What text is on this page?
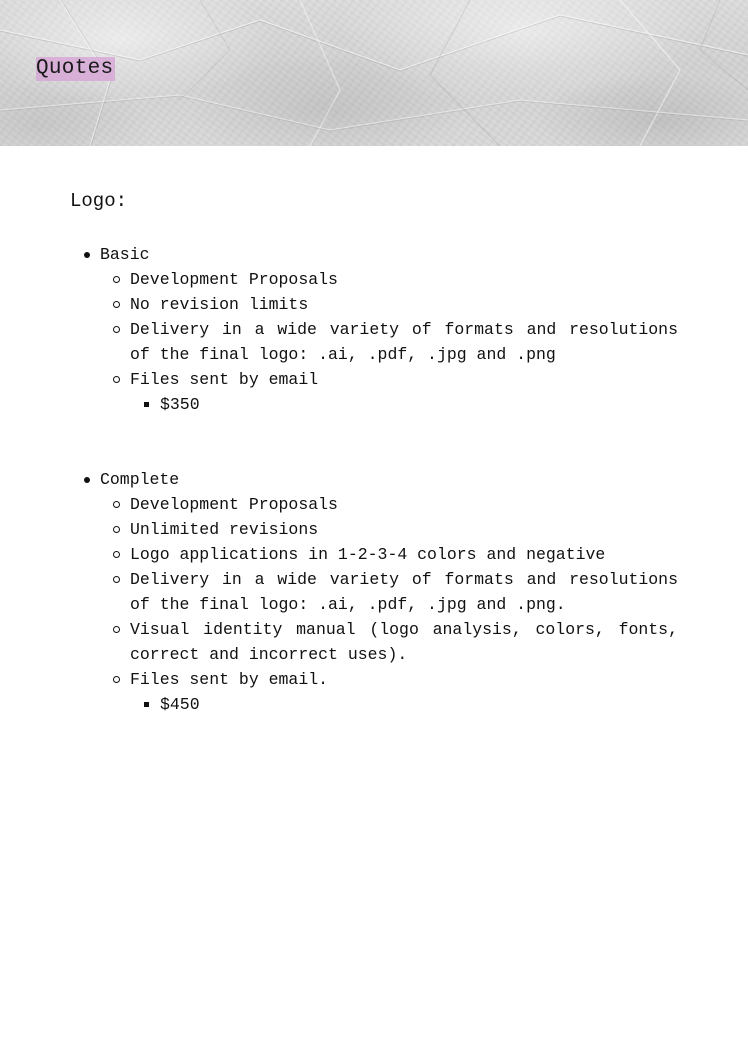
Quotes
Logo:
Basic
Development Proposals
No revision limits
Delivery in a wide variety of formats and resolutions of the final logo: .ai, .pdf, .jpg and .png
Files sent by email
$350
Complete
Development Proposals
Unlimited revisions
Logo applications in 1-2-3-4 colors and negative
Delivery in a wide variety of formats and resolutions of the final logo: .ai, .pdf, .jpg and .png.
Visual identity manual (logo analysis, colors, fonts, correct and incorrect uses).
Files sent by email.
$450
